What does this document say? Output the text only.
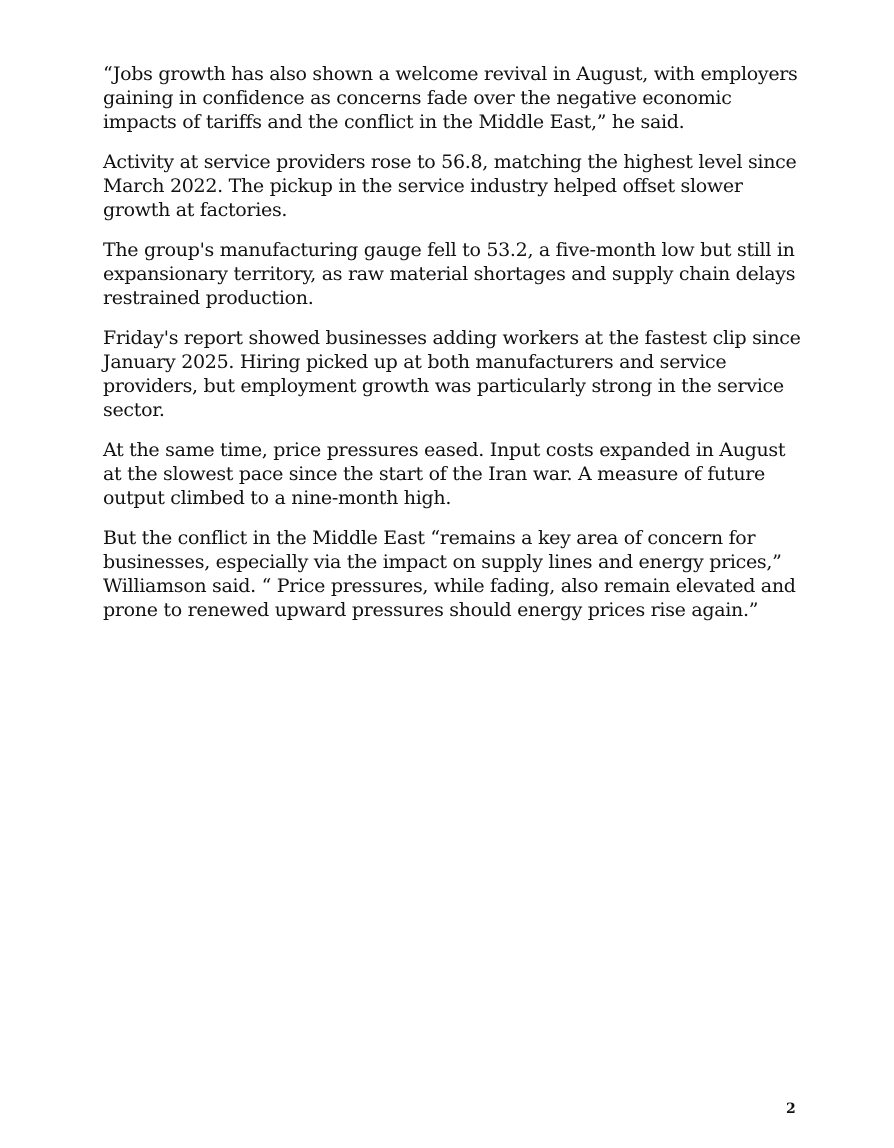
“Jobs growth has also shown a welcome revival in August, with employers gaining in confidence as concerns fade over the negative economic impacts of tariffs and the conflict in the Middle East,” he said.

Activity at service providers rose to 56.8, matching the highest level since March 2022. The pickup in the service industry helped offset slower growth at factories.

The group's manufacturing gauge fell to 53.2, a five-month low but still in expansionary territory, as raw material shortages and supply chain delays restrained production.

Friday's report showed businesses adding workers at the fastest clip since January 2025. Hiring picked up at both manufacturers and service providers, but employment growth was particularly strong in the service sector.

At the same time, price pressures eased. Input costs expanded in August at the slowest pace since the start of the Iran war. A measure of future output climbed to a nine-month high.

But the conflict in the Middle East “remains a key area of concern for businesses, especially via the impact on supply lines and energy prices,” Williamson said. “ Price pressures, while fading, also remain elevated and prone to renewed upward pressures should energy prices rise again.”

2
